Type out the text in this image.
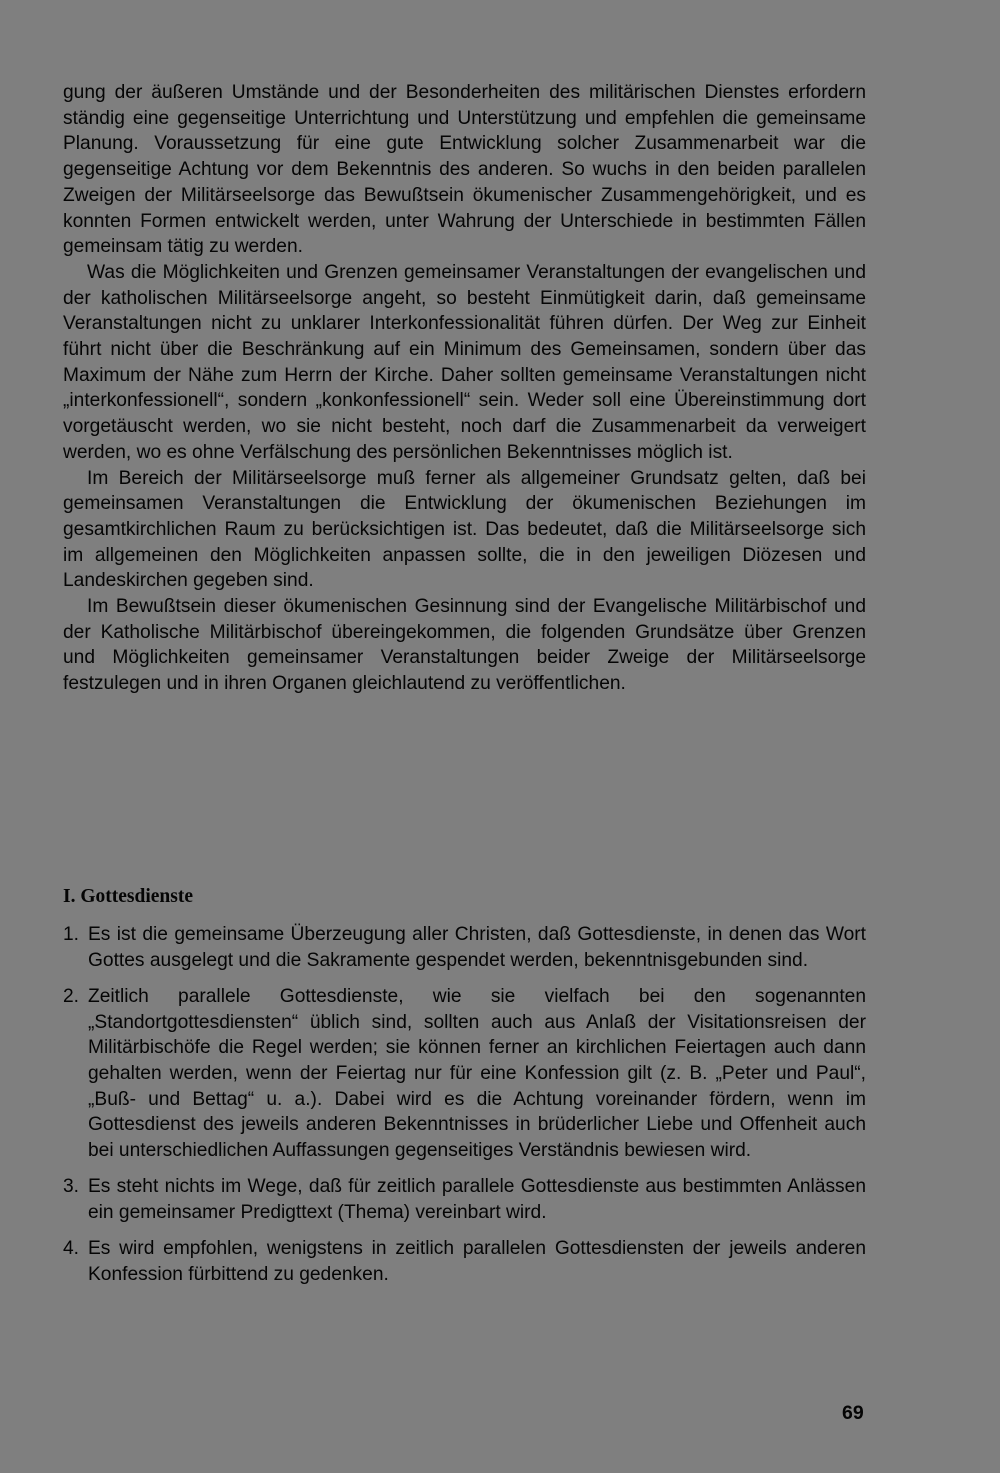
gung der äußeren Umstände und der Besonderheiten des militärischen Dienstes erfordern ständig eine gegenseitige Unterrichtung und Unterstützung und empfehlen die gemeinsame Planung. Voraussetzung für eine gute Entwicklung solcher Zusammenarbeit war die gegenseitige Achtung vor dem Bekenntnis des anderen. So wuchs in den beiden parallelen Zweigen der Militärseelsorge das Bewußtsein ökumenischer Zusammengehörigkeit, und es konnten Formen entwickelt werden, unter Wahrung der Unterschiede in bestimmten Fällen gemeinsam tätig zu werden.

Was die Möglichkeiten und Grenzen gemeinsamer Veranstaltungen der evangelischen und der katholischen Militärseelsorge angeht, so besteht Einmütigkeit darin, daß gemeinsame Veranstaltungen nicht zu unklarer Interkonfessionalität führen dürfen. Der Weg zur Einheit führt nicht über die Beschränkung auf ein Minimum des Gemeinsamen, sondern über das Maximum der Nähe zum Herrn der Kirche. Daher sollten gemeinsame Veranstaltungen nicht „interkonfessionell“, sondern „konkonfessionell“ sein. Weder soll eine Übereinstimmung dort vorgetäuscht werden, wo sie nicht besteht, noch darf die Zusammenarbeit da verweigert werden, wo es ohne Verfälschung des persönlichen Bekenntnisses möglich ist.

Im Bereich der Militärseelsorge muß ferner als allgemeiner Grundsatz gelten, daß bei gemeinsamen Veranstaltungen die Entwicklung der ökumenischen Beziehungen im gesamtkirchlichen Raum zu berücksichtigen ist. Das bedeutet, daß die Militärseelsorge sich im allgemeinen den Möglichkeiten anpassen sollte, die in den jeweiligen Diözesen und Landeskirchen gegeben sind.

Im Bewußtsein dieser ökumenischen Gesinnung sind der Evangelische Militärbischof und der Katholische Militärbischof übereingekommen, die folgenden Grundsätze über Grenzen und Möglichkeiten gemeinsamer Veranstaltungen beider Zweige der Militärseelsorge festzulegen und in ihren Organen gleichlautend zu veröffentlichen.

I. Gottesdienste
1. Es ist die gemeinsame Überzeugung aller Christen, daß Gottesdienste, in denen das Wort Gottes ausgelegt und die Sakramente gespendet werden, bekenntnisgebunden sind.
2. Zeitlich parallele Gottesdienste, wie sie vielfach bei den sogenannten „Standortgottesdiensten“ üblich sind, sollten auch aus Anlaß der Visitationsreisen der Militärbischöfe die Regel werden; sie können ferner an kirchlichen Feiertagen auch dann gehalten werden, wenn der Feiertag nur für eine Konfession gilt (z. B. „Peter und Paul“, „Buß- und Bettag“ u. a.). Dabei wird es die Achtung voreinander fördern, wenn im Gottesdienst des jeweils anderen Bekenntnisses in brüderlicher Liebe und Offenheit auch bei unterschiedlichen Auffassungen gegenseitiges Verständnis bewiesen wird.
3. Es steht nichts im Wege, daß für zeitlich parallele Gottesdienste aus bestimmten Anlässen ein gemeinsamer Predigttext (Thema) vereinbart wird.
4. Es wird empfohlen, wenigstens in zeitlich parallelen Gottesdiensten der jeweils anderen Konfession fürbittend zu gedenken.
69
